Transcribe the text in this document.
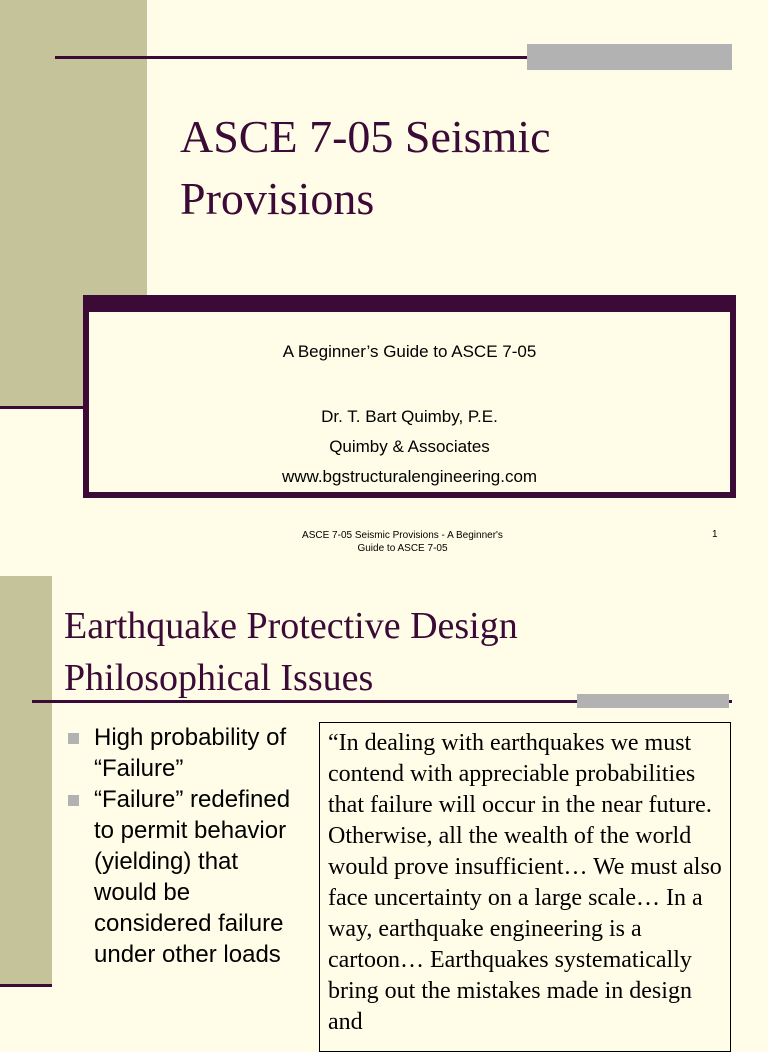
ASCE 7-05 Seismic Provisions
A Beginner’s Guide to ASCE 7-05
Dr. T. Bart Quimby, P.E.
Quimby & Associates
www.bgstructuralengineering.com
ASCE 7-05 Seismic Provisions - A Beginner's Guide to ASCE 7-05
1
Earthquake Protective Design Philosophical Issues
High probability of “Failure”
“Failure” redefined to permit behavior (yielding) that would be considered failure under other loads
“In dealing with earthquakes we must contend with appreciable probabilities that failure will occur in the near future. Otherwise, all the wealth of the world would prove insufficient… We must also face uncertainty on a large scale… In a way, earthquake engineering is a cartoon… Earthquakes systematically bring out the mistakes made in design and
